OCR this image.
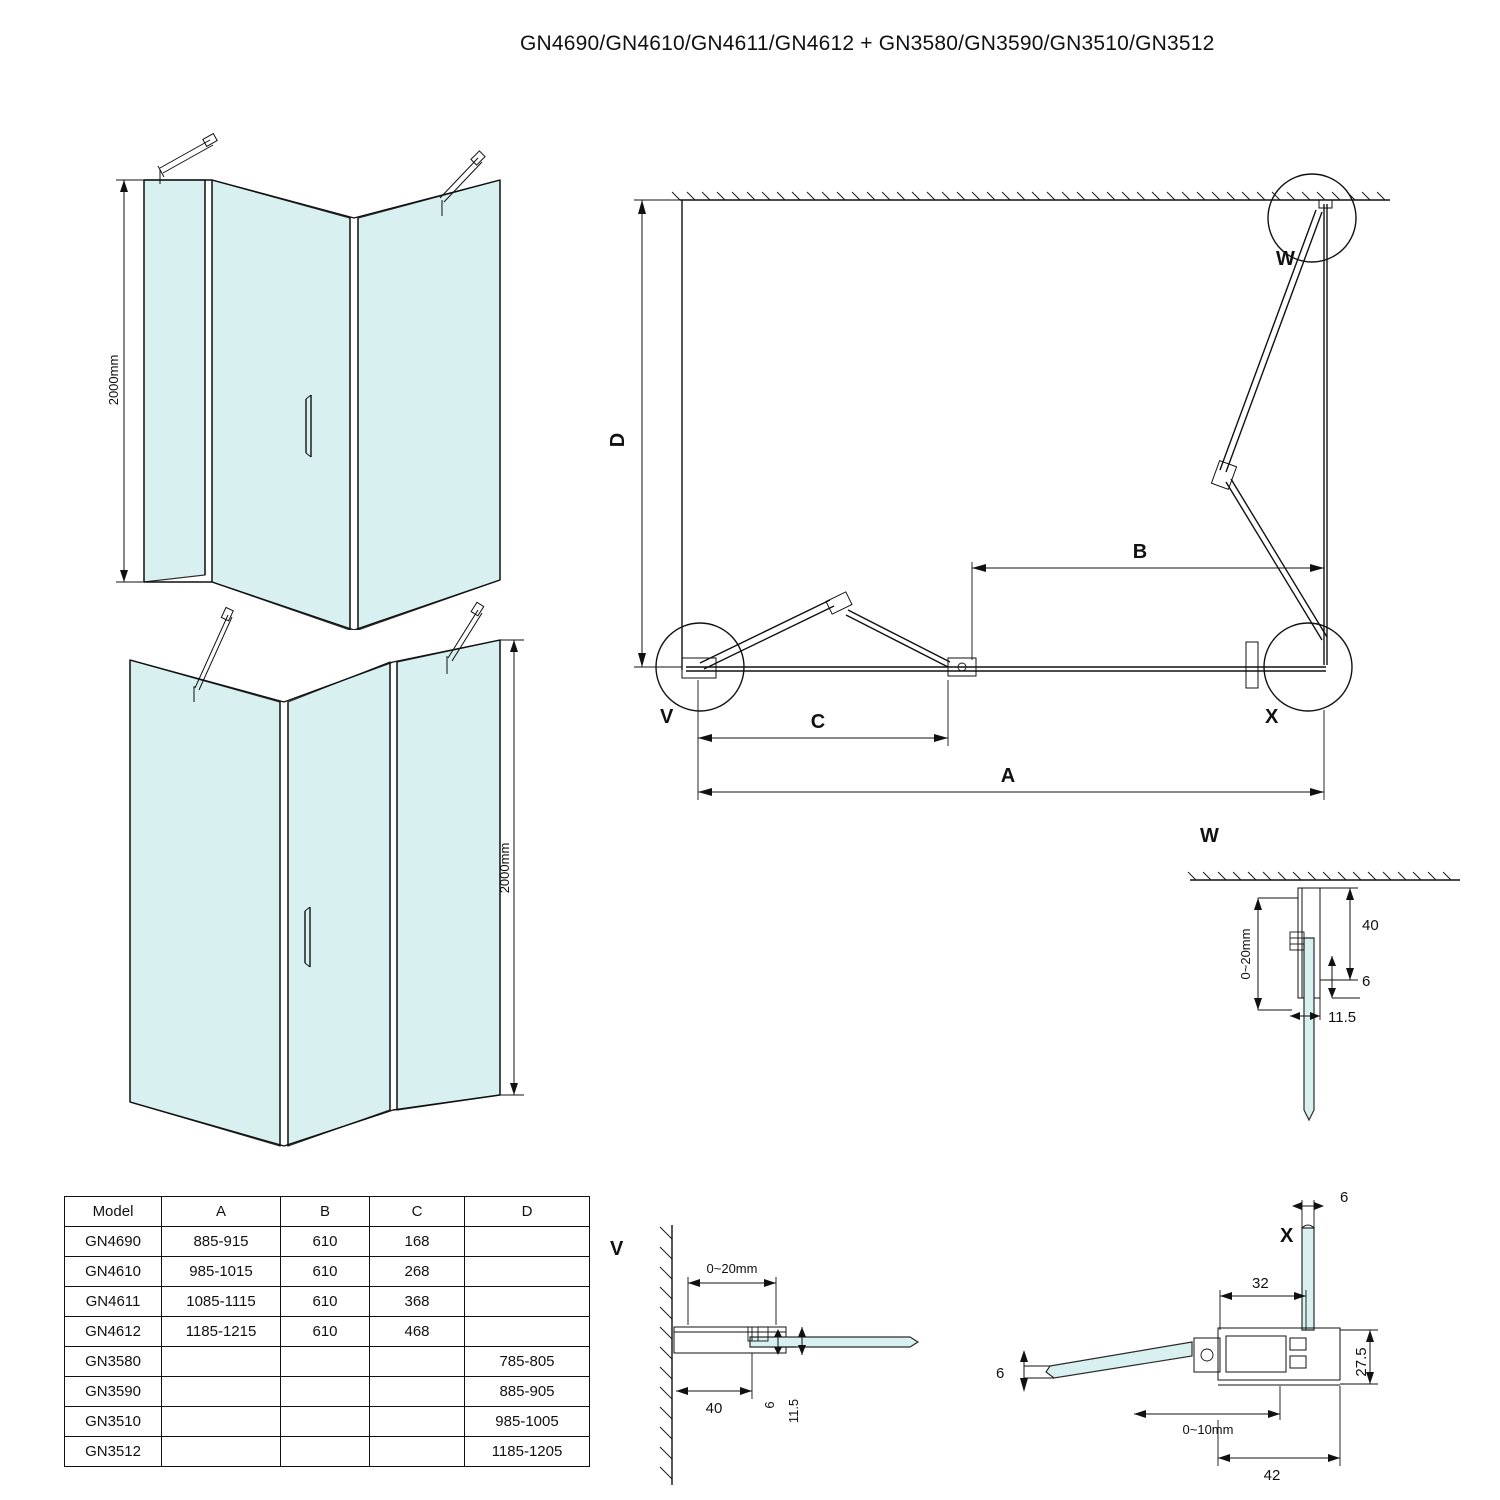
GN4690/GN4610/GN4611/GN4612 + GN3580/GN3590/GN3510/GN3512
2000mm
2000mm
W
V	X
D
B
C
A
W
40
6
11.5
0~20mm
V
0~20mm
40	6 11.5
X
6
32
27.5
6
0~10mm
42
Model	A	B	C	D
GN4690	885-915	610	168	
GN4610	985-1015	610	268	
GN4611	1085-1115	610	368	
GN4612	1185-1215	610	468	
GN3580				785-805
GN3590				885-905
GN3510				985-1005
GN3512				1185-1205
